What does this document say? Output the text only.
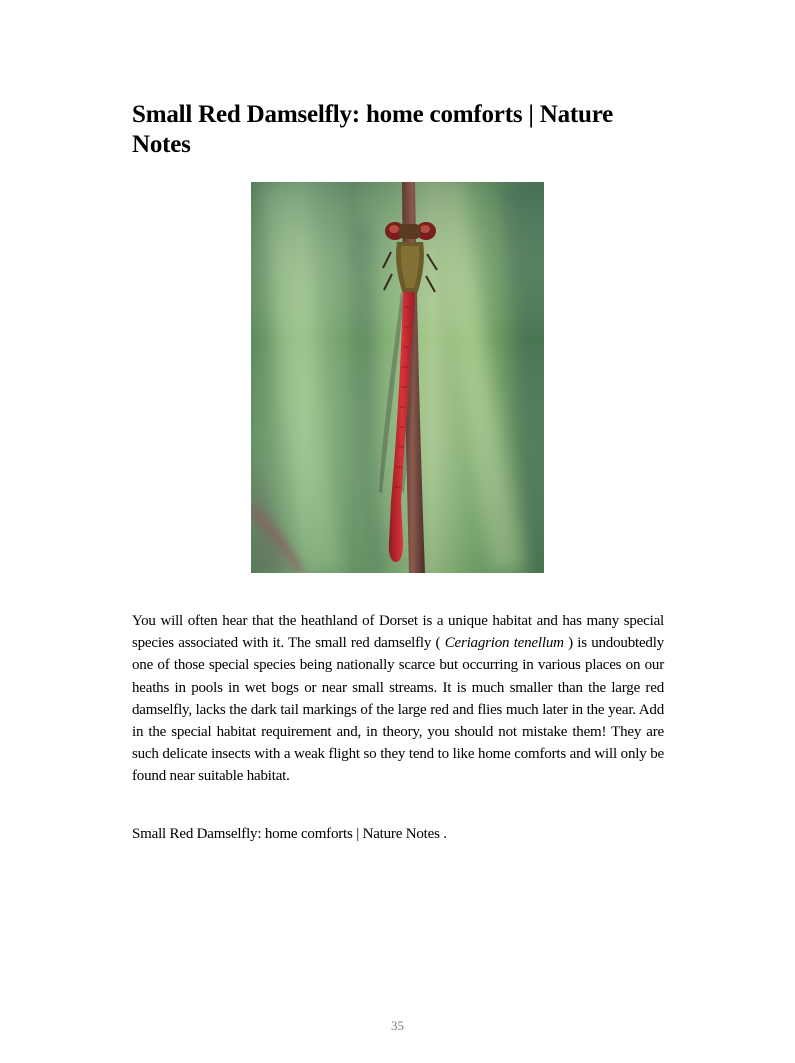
Small Red Damselfly: home comforts | Nature Notes

You will often hear that the heathland of Dorset is a unique habitat and has many special species associated with it. The small red damselfly ( Ceriagrion tenellum ) is undoubtedly one of those special species being nationally scarce but occurring in various places on our heaths in pools in wet bogs or near small streams. It is much smaller than the large red damselfly, lacks the dark tail markings of the large red and flies much later in the year. Add in the special habitat requirement and, in theory, you should not mistake them! They are such delicate insects with a weak flight so they tend to like home comforts and will only be found near suitable habitat.

Small Red Damselfly: home comforts | Nature Notes .

35
